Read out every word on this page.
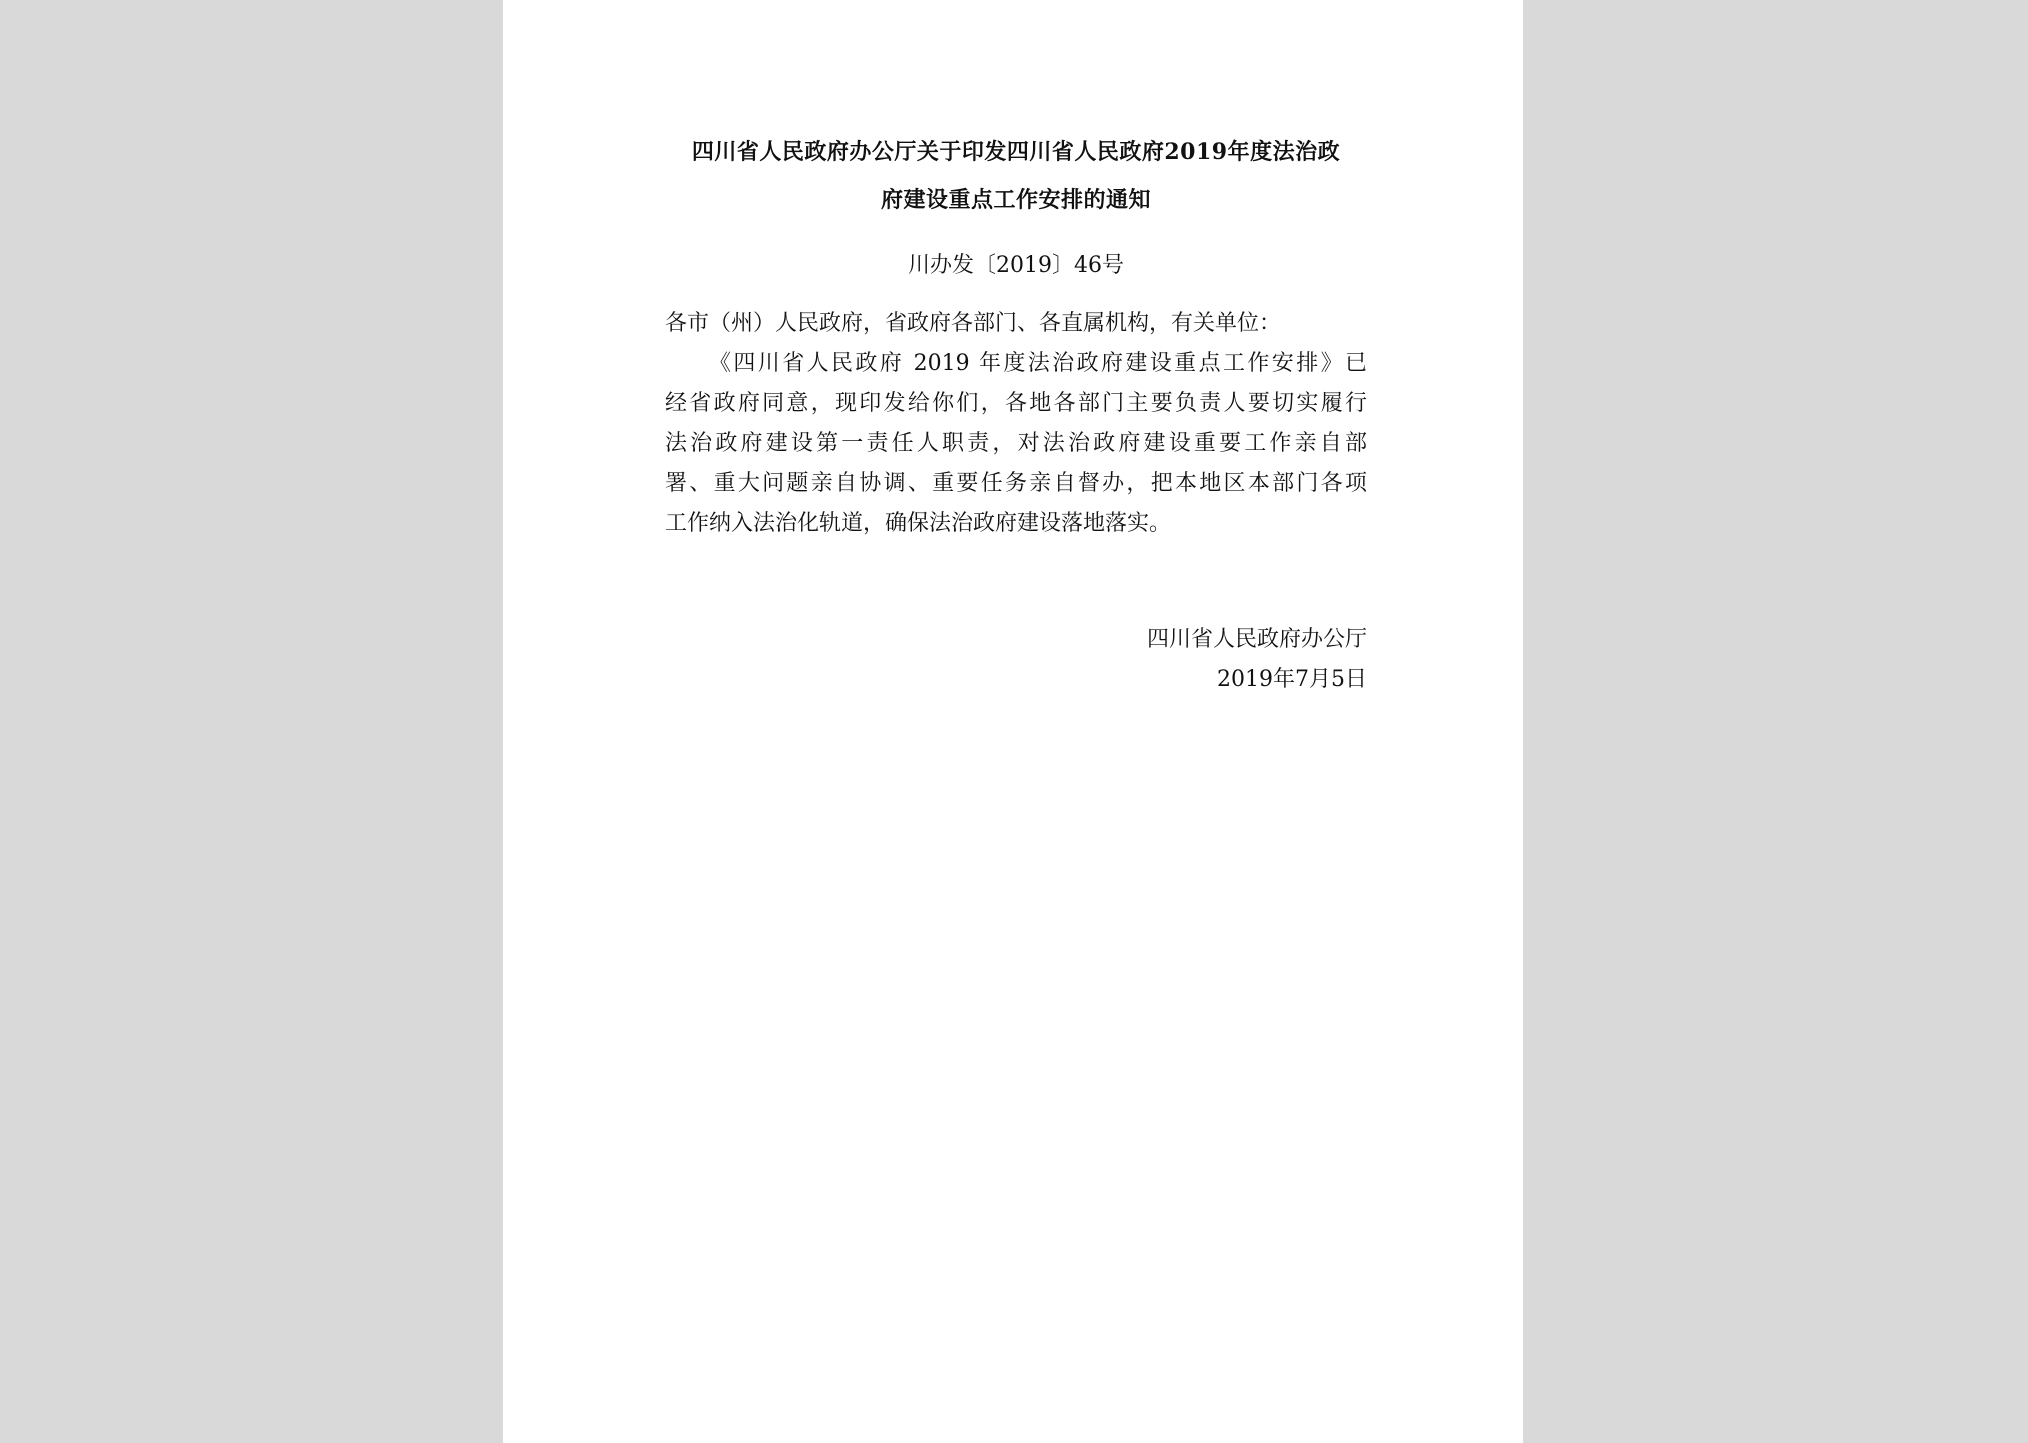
四川省人民政府办公厅关于印发四川省人民政府2019年度法治政
府建设重点工作安排的通知
川办发〔2019〕46号
各市（州）人民政府，省政府各部门、各直属机构，有关单位：
《四川省人民政府 2019 年度法治政府建设重点工作安排》已
经省政府同意，现印发给你们，各地各部门主要负责人要切实履行
法治政府建设第一责任人职责，对法治政府建设重要工作亲自部
署、重大问题亲自协调、重要任务亲自督办，把本地区本部门各项
工作纳入法治化轨道，确保法治政府建设落地落实。
四川省人民政府办公厅
2019年7月5日
